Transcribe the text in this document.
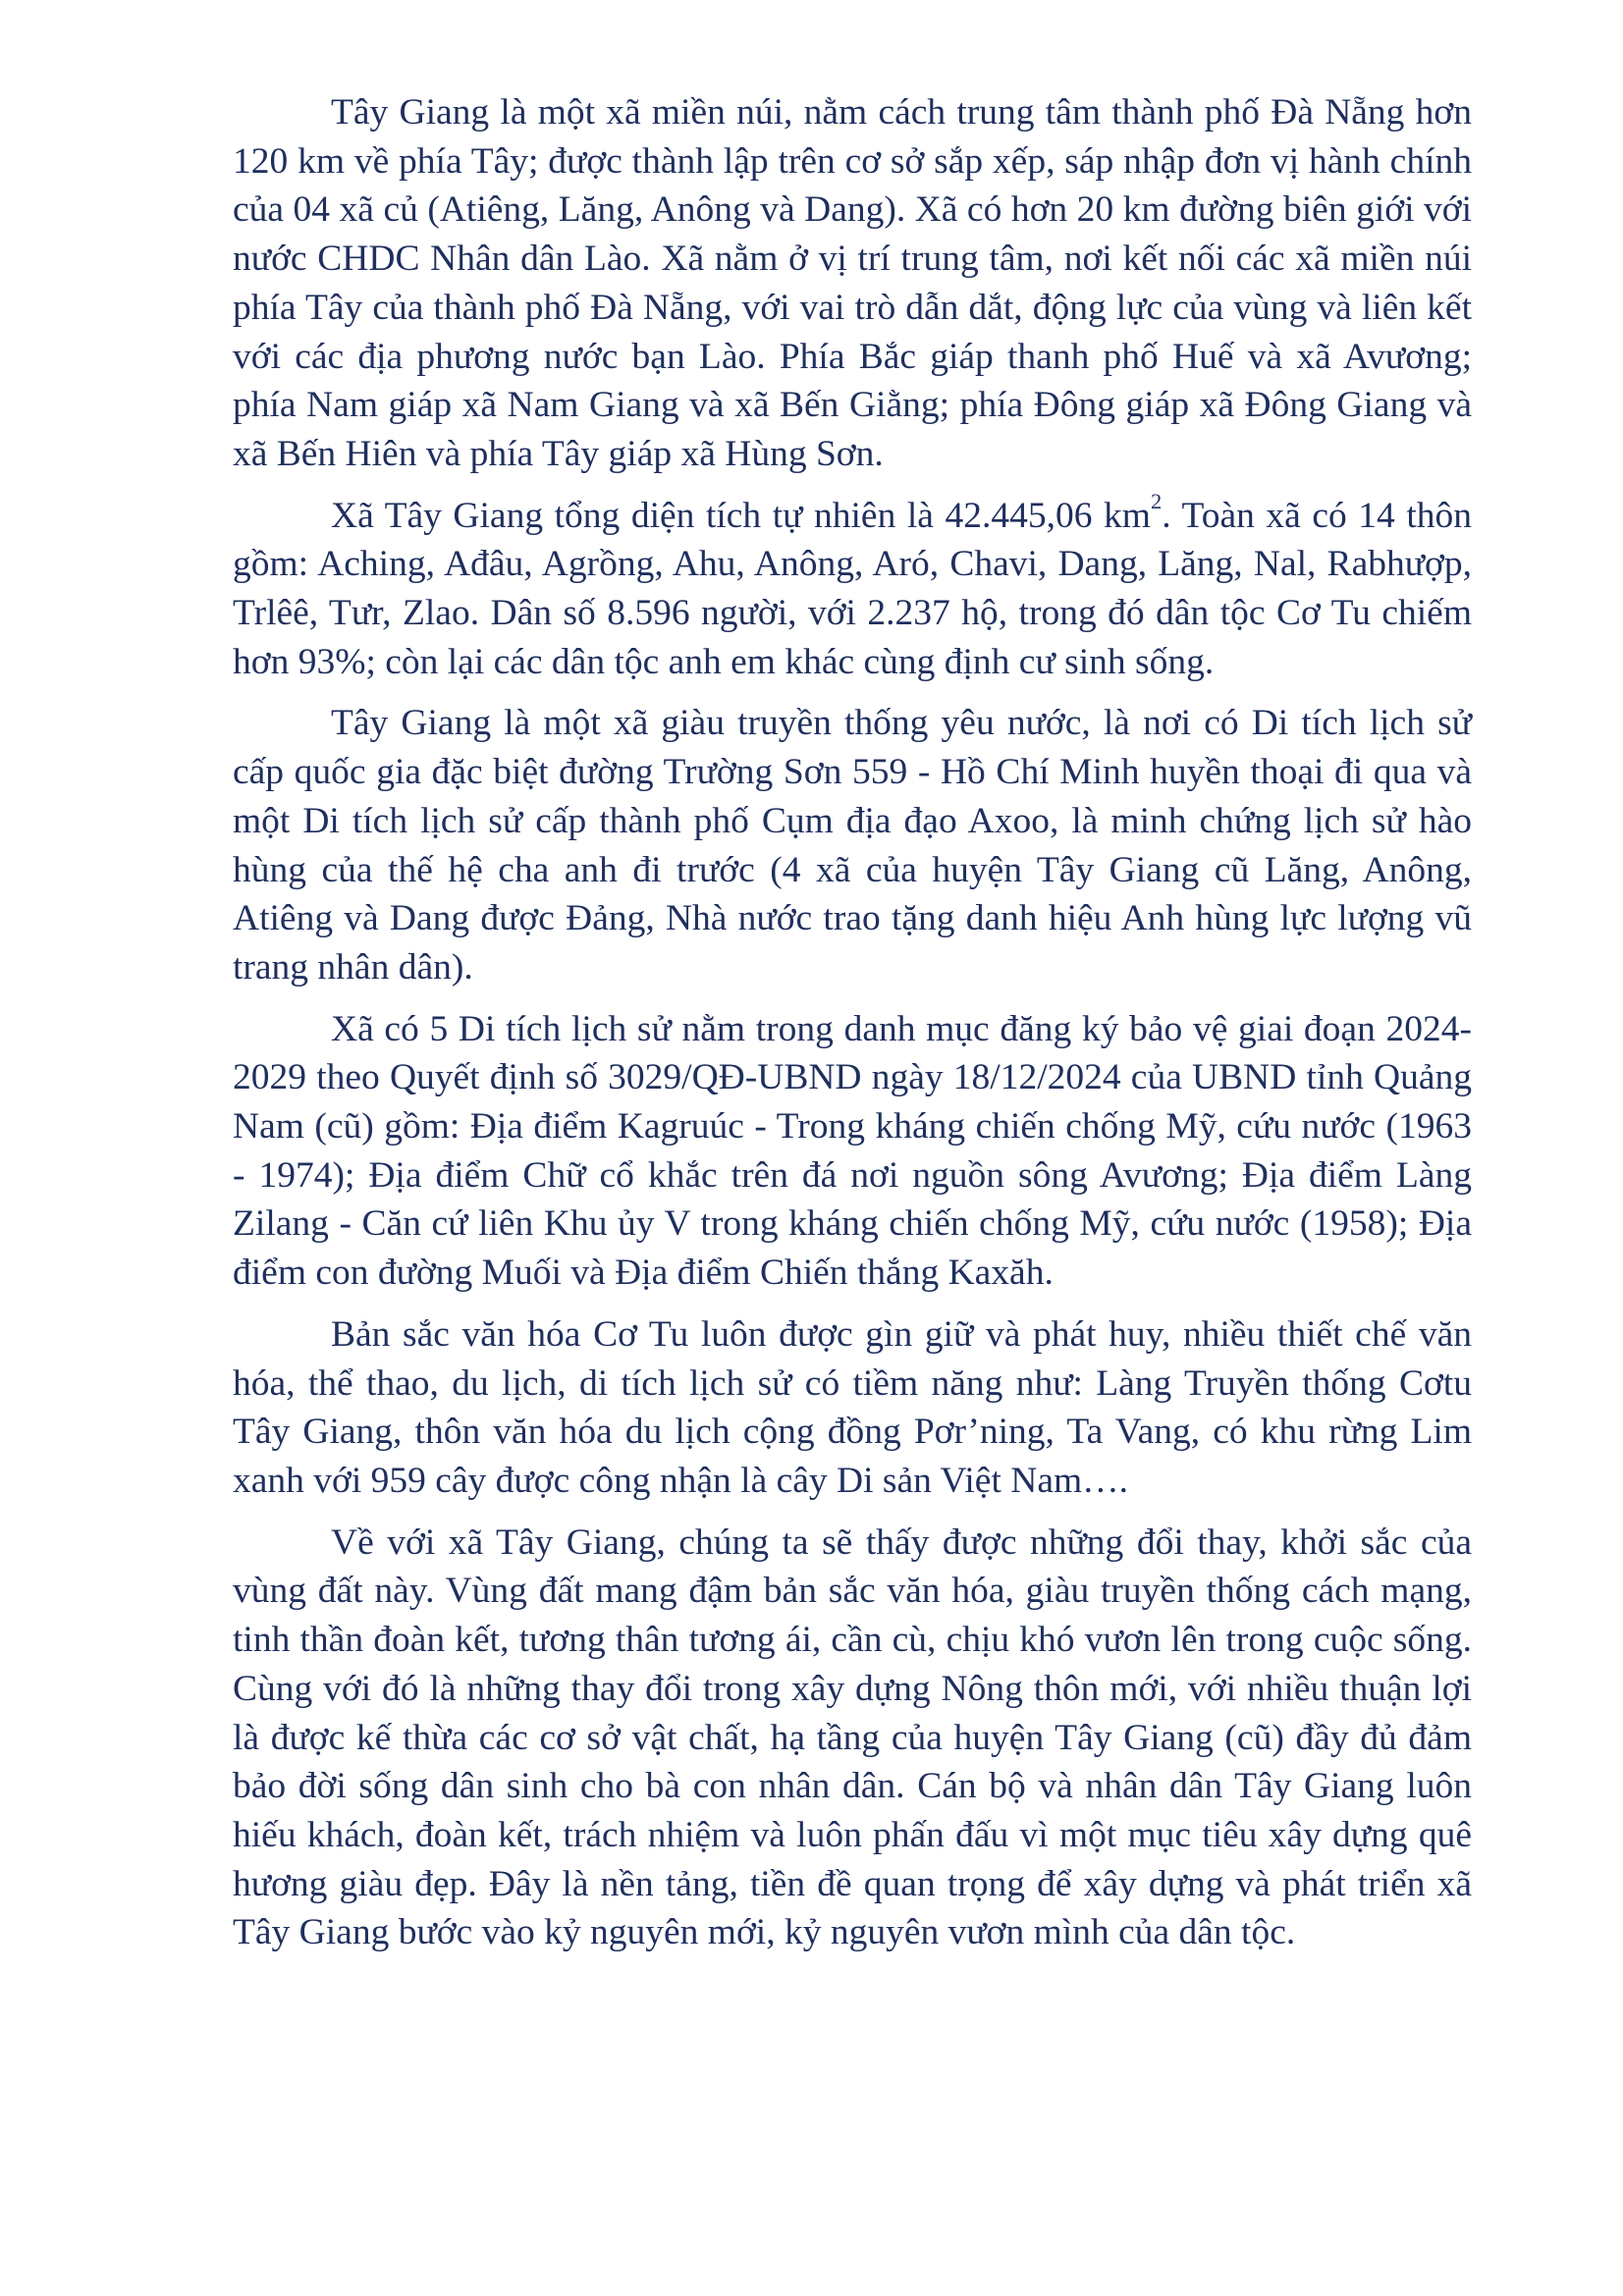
Tây Giang là một xã miền núi, nằm cách trung tâm thành phố Đà Nẵng hơn 120 km về phía Tây; được thành lập trên cơ sở sắp xếp, sáp nhập đơn vị hành chính của 04 xã củ (Atiêng, Lăng, Anông và Dang). Xã có hơn 20 km đường biên giới với nước CHDC Nhân dân Lào. Xã nằm ở vị trí trung tâm, nơi kết nối các xã miền núi phía Tây của thành phố Đà Nẵng, với vai trò dẫn dắt, động lực của vùng và liên kết với các địa phương nước bạn Lào. Phía Bắc giáp thanh phố Huế và xã Avương; phía Nam giáp xã Nam Giang và xã Bến Giằng; phía Đông giáp xã Đông Giang và xã Bến Hiên và phía Tây giáp xã Hùng Sơn.

Xã Tây Giang tổng diện tích tự nhiên là 42.445,06 $km^2$. Toàn xã có 14 thôn gồm: Aching, Ađâu, Agrồng, Ahu, Anông, Aró, Chavi, Dang, Lăng, Nal, Rabhượp, Trlêê, Tưr, Zlao. Dân số 8.596 người, với 2.237 hộ, trong đó dân tộc Cơ Tu chiếm hơn 93%; còn lại các dân tộc anh em khác cùng định cư sinh sống.

Tây Giang là một xã giàu truyền thống yêu nước, là nơi có Di tích lịch sử cấp quốc gia đặc biệt đường Trường Sơn 559 - Hồ Chí Minh huyền thoại đi qua và một Di tích lịch sử cấp thành phố Cụm địa đạo Axoo, là minh chứng lịch sử hào hùng của thế hệ cha anh đi trước (4 xã của huyện Tây Giang cũ Lăng, Anông, Atiêng và Dang được Đảng, Nhà nước trao tặng danh hiệu Anh hùng lực lượng vũ trang nhân dân).

Xã có 5 Di tích lịch sử nằm trong danh mục đăng ký bảo vệ giai đoạn 2024-2029 theo Quyết định số 3029/QĐ-UBND ngày 18/12/2024 của UBND tỉnh Quảng Nam (cũ) gồm: Địa điểm Kagruúc - Trong kháng chiến chống Mỹ, cứu nước (1963 - 1974); Địa điểm Chữ cổ khắc trên đá nơi nguồn sông Avương; Địa điểm Làng Zilang - Căn cứ liên Khu ủy V trong kháng chiến chống Mỹ, cứu nước (1958); Địa điểm con đường Muối và Địa điểm Chiến thắng Kaxăh.

Bản sắc văn hóa Cơ Tu luôn được gìn giữ và phát huy, nhiều thiết chế văn hóa, thể thao, du lịch, di tích lịch sử có tiềm năng như: Làng Truyền thống Cơtu Tây Giang, thôn văn hóa du lịch cộng đồng Pơr’ning, Ta Vang, có khu rừng Lim xanh với 959 cây được công nhận là cây Di sản Việt Nam….

Về với xã Tây Giang, chúng ta sẽ thấy được những đổi thay, khởi sắc của vùng đất này. Vùng đất mang đậm bản sắc văn hóa, giàu truyền thống cách mạng, tinh thần đoàn kết, tương thân tương ái, cần cù, chịu khó vươn lên trong cuộc sống. Cùng với đó là những thay đổi trong xây dựng Nông thôn mới, với nhiều thuận lợi là được kế thừa các cơ sở vật chất, hạ tầng của huyện Tây Giang (cũ) đầy đủ đảm bảo đời sống dân sinh cho bà con nhân dân. Cán bộ và nhân dân Tây Giang luôn hiếu khách, đoàn kết, trách nhiệm và luôn phấn đấu vì một mục tiêu xây dựng quê hương giàu đẹp. Đây là nền tảng, tiền đề quan trọng để xây dựng và phát triển xã Tây Giang bước vào kỷ nguyên mới, kỷ nguyên vươn mình của dân tộc.
